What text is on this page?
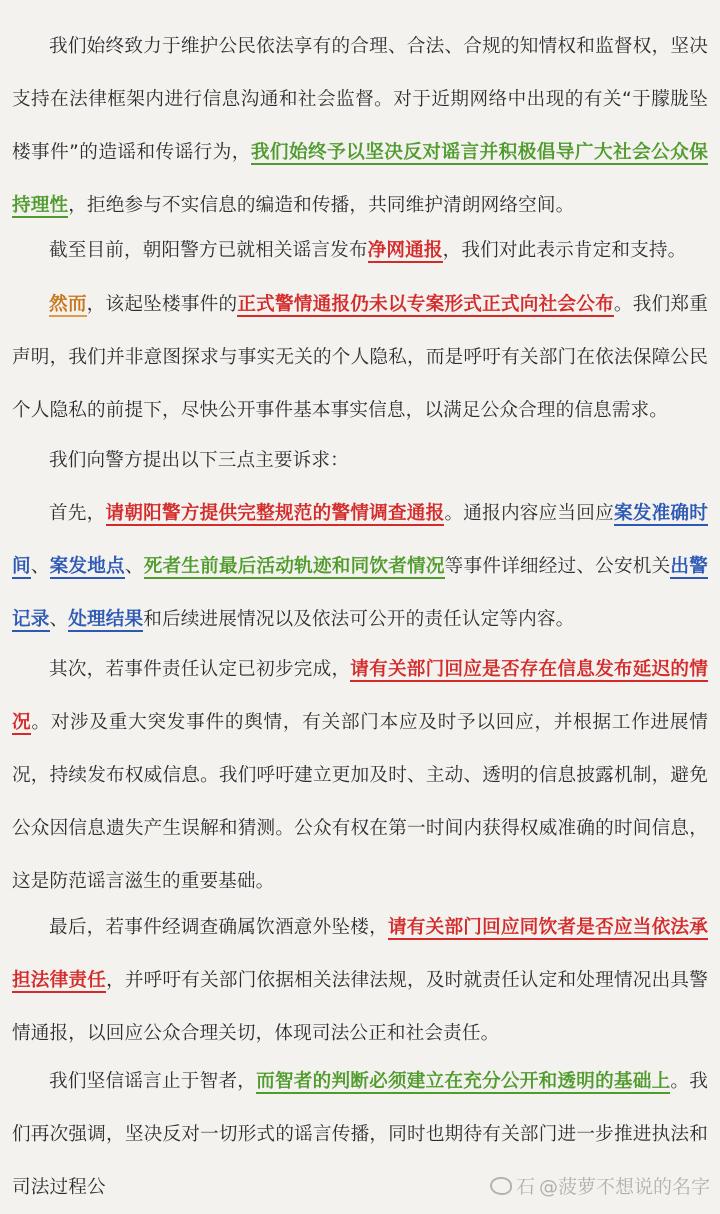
我们始终致力于维护公民依法享有的合理、合法、合规的知情权和监督权，坚决支持在法律框架内进行信息沟通和社会监督。对于近期网络中出现的有关“于朦胧坠楼事件”的造谣和传谣行为，我们始终予以坚决反对谣言并积极倡导广大社会公众保持理性，拒绝参与不实信息的编造和传播，共同维护清朗网络空间。

截至目前，朝阳警方已就相关谣言发布净网通报，我们对此表示肯定和支持。

然而，该起坠楼事件的正式警情通报仍未以专案形式正式向社会公布。我们郑重声明，我们并非意图探求与事实无关的个人隐私，而是呼吁有关部门在依法保障公民个人隐私的前提下，尽快公开事件基本事实信息，以满足公众合理的信息需求。

我们向警方提出以下三点主要诉求：

首先，请朝阳警方提供完整规范的警情调查通报。通报内容应当回应案发准确时间、案发地点、死者生前最后活动轨迹和同饮者情况等事件详细经过、公安机关出警记录、处理结果和后续进展情况以及依法可公开的责任认定等内容。

其次，若事件责任认定已初步完成，请有关部门回应是否存在信息发布延迟的情况。对涉及重大突发事件的舆情，有关部门本应及时予以回应，并根据工作进展情况，持续发布权威信息。我们呼吁建立更加及时、主动、透明的信息披露机制，避免公众因信息遗失产生误解和猜测。公众有权在第一时间内获得权威准确的时间信息，这是防范谣言滋生的重要基础。

最后，若事件经调查确属饮酒意外坠楼，请有关部门回应同饮者是否应当依法承担法律责任，并呼吁有关部门依据相关法律法规，及时就责任认定和处理情况出具警情通报，以回应公众合理关切，体现司法公正和社会责任。

我们坚信谣言止于智者，而智者的判断必须建立在充分公开和透明的基础上。我们再次强调，坚决反对一切形式的谣言传播，同时也期待有关部门进一步推进执法和司法过程公	石 @菠萝不想说的名字
